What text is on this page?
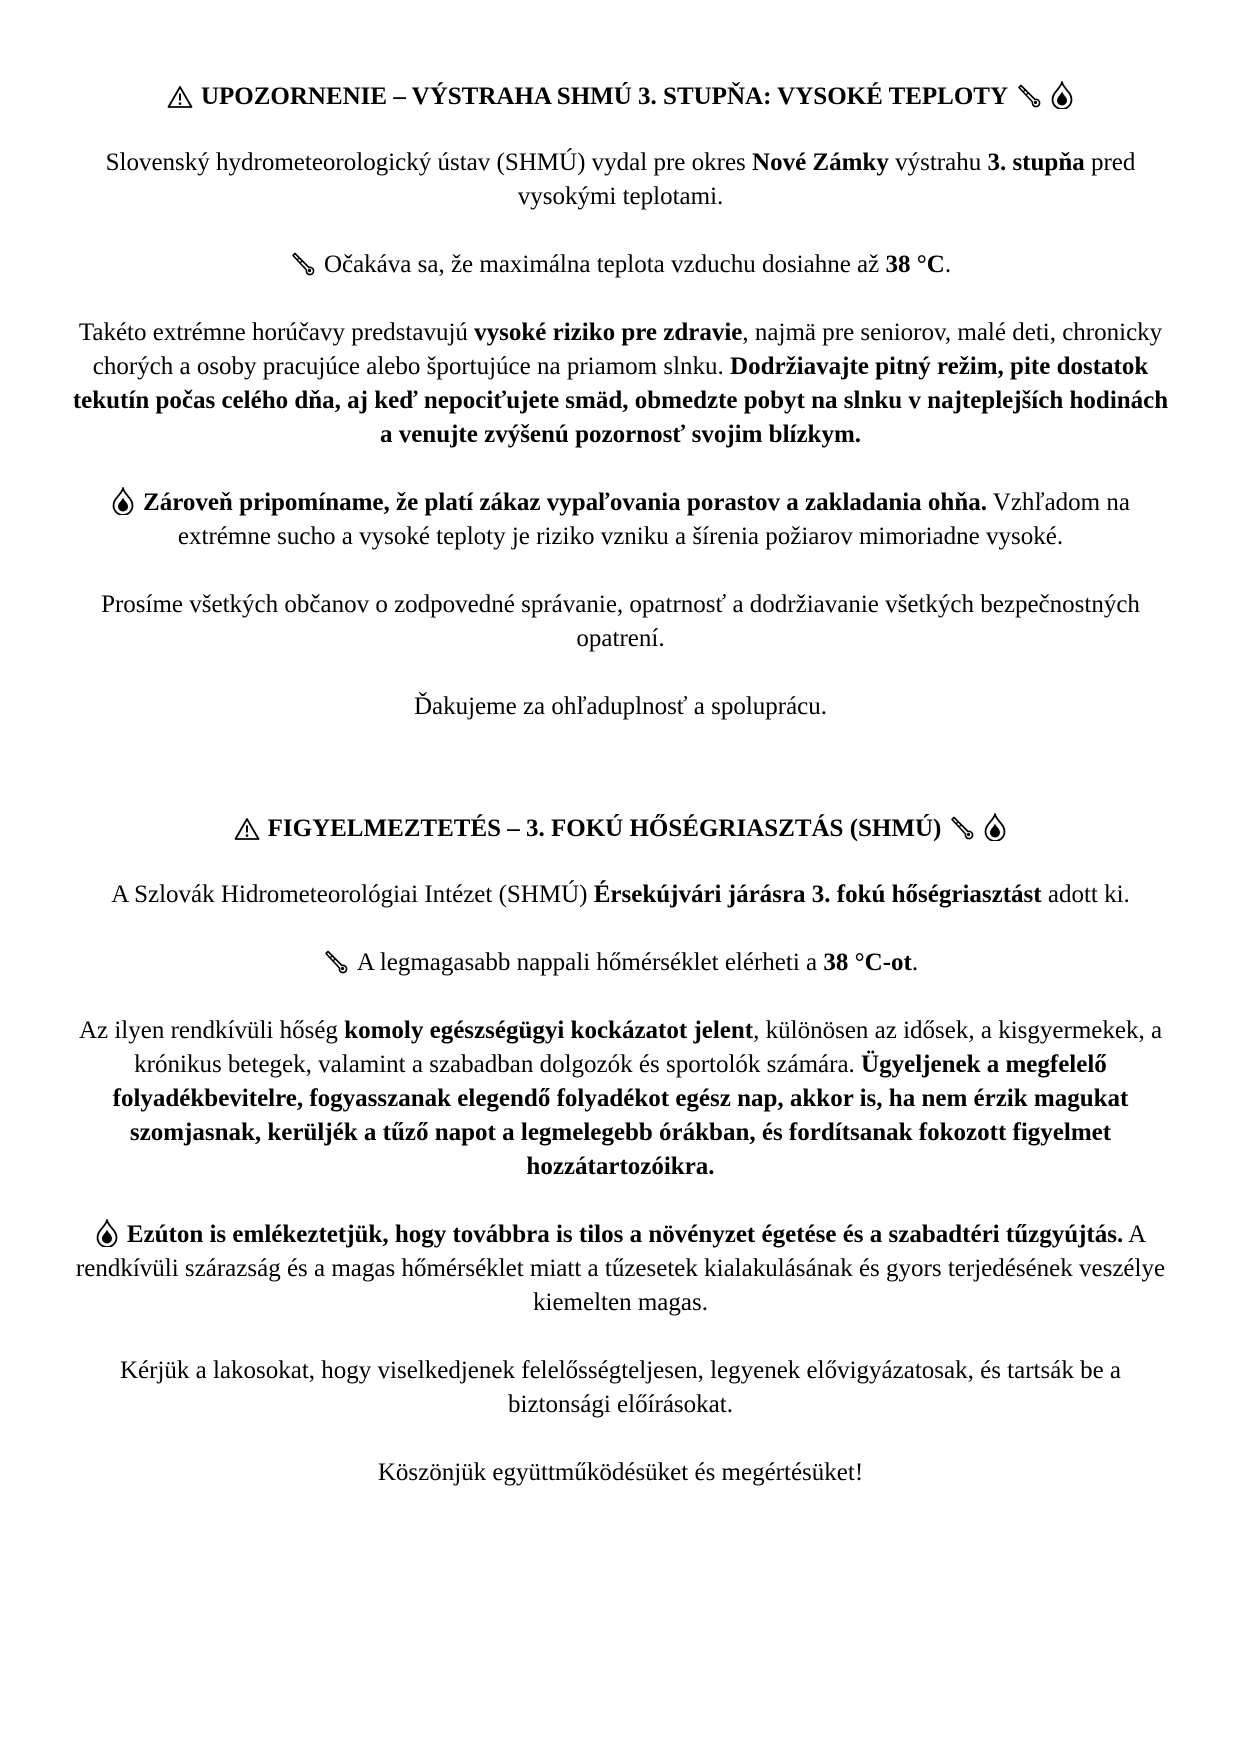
UPOZORNENIE – VÝSTRAHA SHMÚ 3. STUPŇA: VYSOKÉ TEPLOTY

Slovenský hydrometeorologický ústav (SHMÚ) vydal pre okres Nové Zámky výstrahu 3. stupňa pred vysokými teplotami.

Očakáva sa, že maximálna teplota vzduchu dosiahne až 38 °C.

Takéto extrémne horúčavy predstavujú vysoké riziko pre zdravie, najmä pre seniorov, malé deti, chronicky chorých a osoby pracujúce alebo športujúce na priamom slnku. Dodržiavajte pitný režim, pite dostatok tekutín počas celého dňa, aj keď nepociťujete smäd, obmedzte pobyt na slnku v najteplejších hodinách a venujte zvýšenú pozornosť svojim blízkym.

Zároveň pripomíname, že platí zákaz vypaľovania porastov a zakladania ohňa. Vzhľadom na extrémne sucho a vysoké teploty je riziko vzniku a šírenia požiarov mimoriadne vysoké.

Prosíme všetkých občanov o zodpovedné správanie, opatrnosť a dodržiavanie všetkých bezpečnostných opatrení.

Ďakujeme za ohľaduplnosť a spoluprácu.

FIGYELMEZTETÉS – 3. FOKÚ HŐSÉGRIASZTÁS (SHMÚ)

A Szlovák Hidrometeorológiai Intézet (SHMÚ) Érsekújvári járásra 3. fokú hőségriasztást adott ki.

A legmagasabb nappali hőmérséklet elérheti a 38 °C-ot.

Az ilyen rendkívüli hőség komoly egészségügyi kockázatot jelent, különösen az idősek, a kisgyermekek, a krónikus betegek, valamint a szabadban dolgozók és sportolók számára. Ügyeljenek a megfelelő folyadékbevitelre, fogyasszanak elegendő folyadékot egész nap, akkor is, ha nem érzik magukat szomjasnak, kerüljék a tűző napot a legmelegebb órákban, és fordítsanak fokozott figyelmet hozzátartozóikra.

Ezúton is emlékeztetjük, hogy továbbra is tilos a növényzet égetése és a szabadtéri tűzgyújtás. A rendkívüli szárazság és a magas hőmérséklet miatt a tűzesetek kialakulásának és gyors terjedésének veszélye kiemelten magas.

Kérjük a lakosokat, hogy viselkedjenek felelősségteljesen, legyenek elővigyázatosak, és tartsák be a biztonsági előírásokat.

Köszönjük együttműködésüket és megértésüket!
